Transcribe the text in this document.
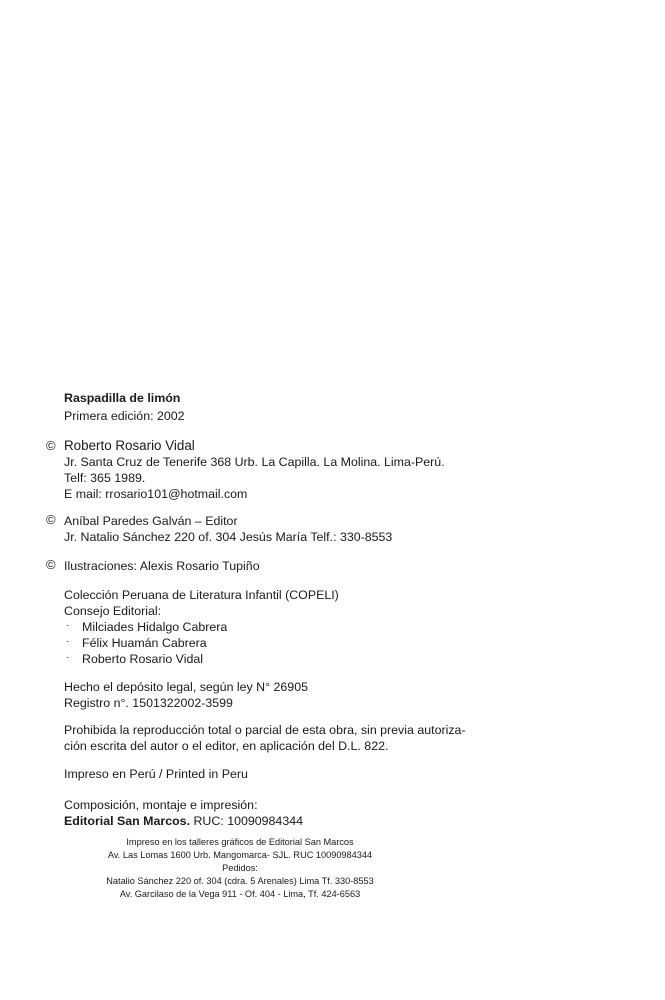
Raspadilla de limón
Primera edición: 2002
© Roberto Rosario Vidal
Jr. Santa Cruz de Tenerife 368 Urb. La Capilla. La Molina. Lima-Perú.
Telf: 365 1989.
E mail: rrosario101@hotmail.com
© Aníbal Paredes Galván – Editor
Jr. Natalio Sánchez 220 of. 304 Jesús María Telf.: 330-8553
© Ilustraciones: Alexis Rosario Tupiño
Colección Peruana de Literatura Infantil (COPELI)
Consejo Editorial:
Milciades Hidalgo Cabrera
Félix Huamán Cabrera
Roberto Rosario Vidal
·
·
·
Hecho el depósito legal, según ley N° 26905
Registro n°. 1501322002-3599
Prohibida la reproducción total o parcial de esta obra, sin previa autoriza-
ción escrita del autor o el editor, en aplicación del D.L. 822.
Impreso en Perú / Printed in Peru
Composición, montaje e impresión:
Editorial San Marcos. RUC: 10090984344
Impreso en los talleres gráficos de Editorial San Marcos
Av. Las Lomas 1600 Urb. Mangomarca- SJL. RUC 10090984344
Pedidos:
Natalio Sánchez 220 of. 304 (cdra. 5 Arenales) Lima Tf. 330-8553
Av. Garcilaso de la Vega 911 - Of. 404 - Lima, Tf. 424-6563
